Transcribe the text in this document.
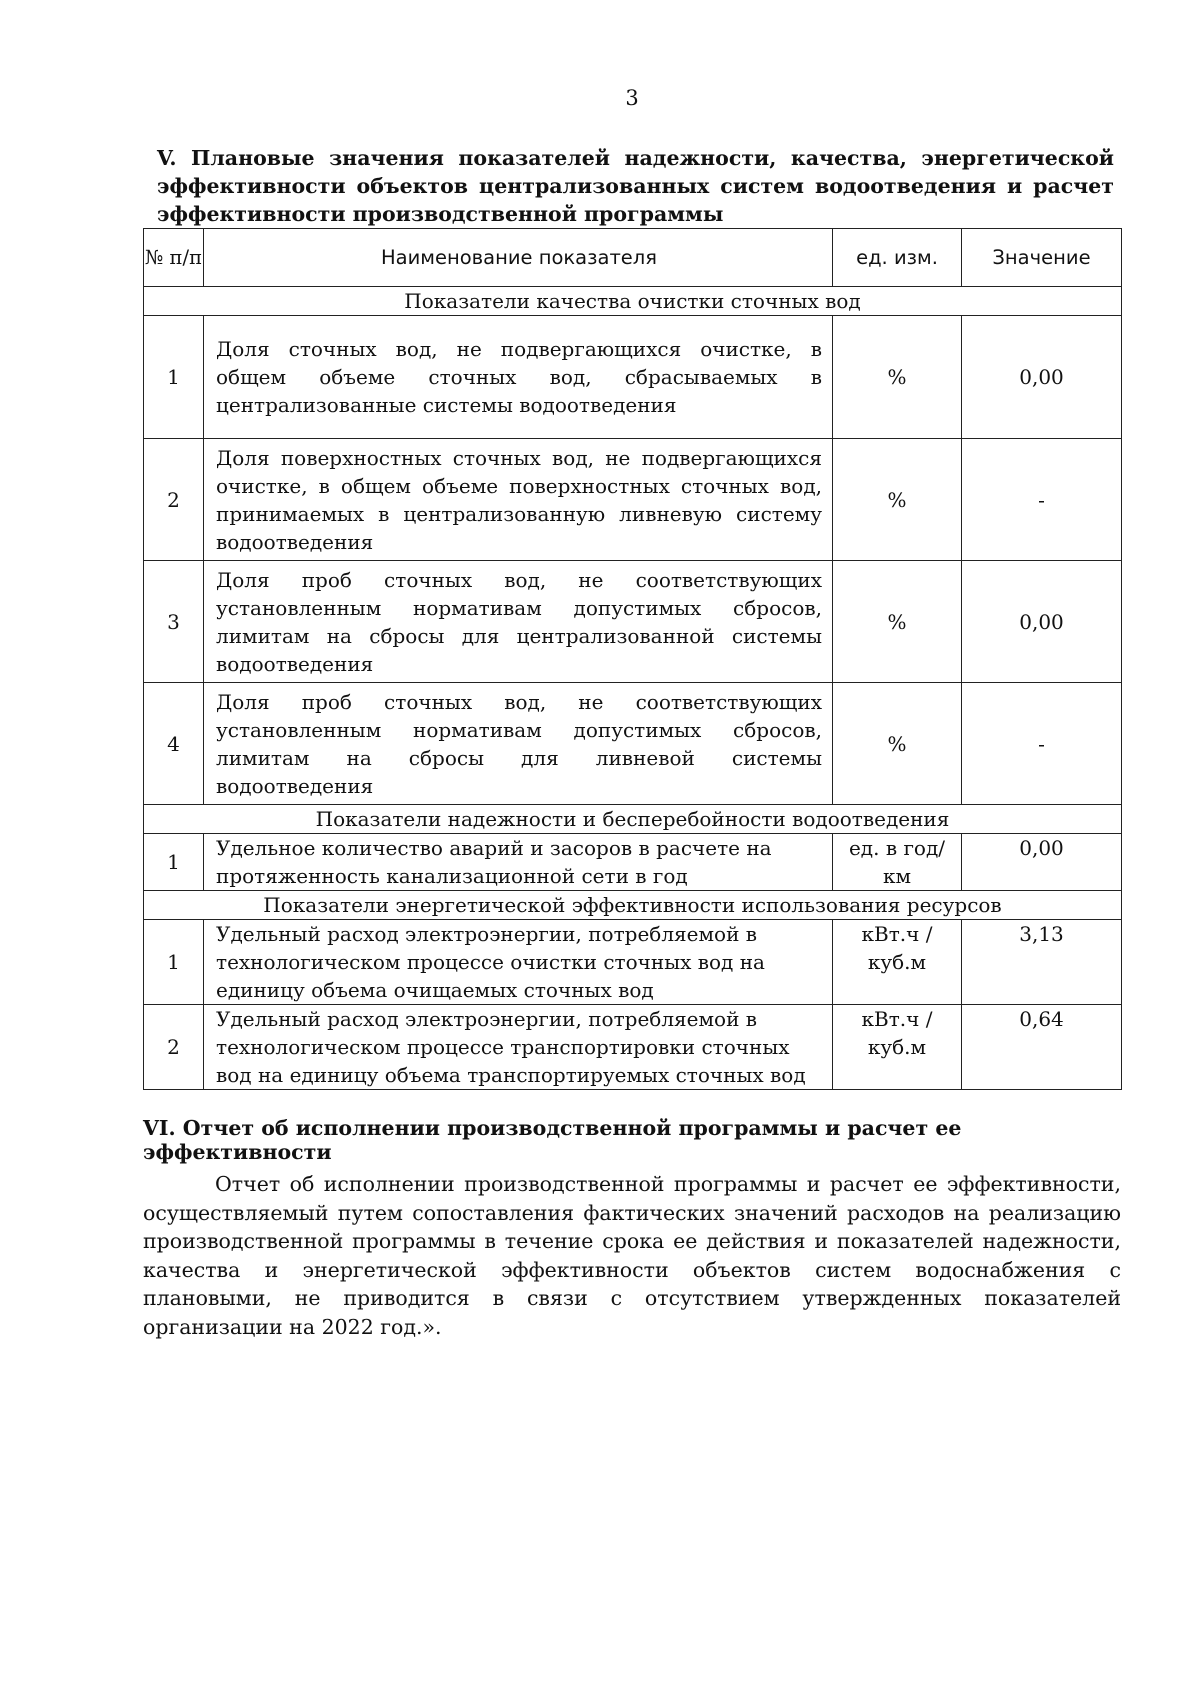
3
V. Плановые значения показателей надежности, качества, энергетической эффективности объектов централизованных систем водоотведения и расчет эффективности производственной программы
№ п/п	Наименование показателя	ед. изм.	Значение
Показатели качества очистки сточных вод			
1	Доля сточных вод, не подвергающихся очистке, в общем объеме сточных вод, сбрасываемых в централизованные системы водоотведения	%	0,00
2	Доля поверхностных сточных вод, не подвергающихся очистке, в общем объеме поверхностных сточных вод, принимаемых в централизованную ливневую систему водоотведения	%	-
3	Доля проб сточных вод, не соответствующих установленным нормативам допустимых сбросов, лимитам на сбросы для централизованной системы водоотведения	%	0,00
4	Доля проб сточных вод, не соответствующих установленным нормативам допустимых сбросов, лимитам на сбросы для ливневой системы водоотведения	%	-
Показатели надежности и бесперебойности водоотведения			
1	Удельное количество аварий и засоров в расчете на протяженность канализационной сети в год	ед. в год/ км	0,00
Показатели энергетической эффективности использования ресурсов			
1	Удельный расход электроэнергии, потребляемой в технологическом процессе очистки сточных вод на единицу объема очищаемых сточных вод	кВт.ч / куб.м	3,13
2	Удельный расход электроэнергии, потребляемой в технологическом процессе транспортировки сточных вод на единицу объема транспортируемых сточных вод	кВт.ч / куб.м	0,64
VI. Отчет об исполнении производственной программы и расчет ее эффективности
Отчет об исполнении производственной программы и расчет ее эффективности, осуществляемый путем сопоставления фактических значений расходов на реализацию производственной программы в течение срока ее действия и показателей надежности, качества и энергетической эффективности объектов систем водоснабжения с плановыми, не приводится в связи с отсутствием утвержденных показателей организации на 2022 год.».
